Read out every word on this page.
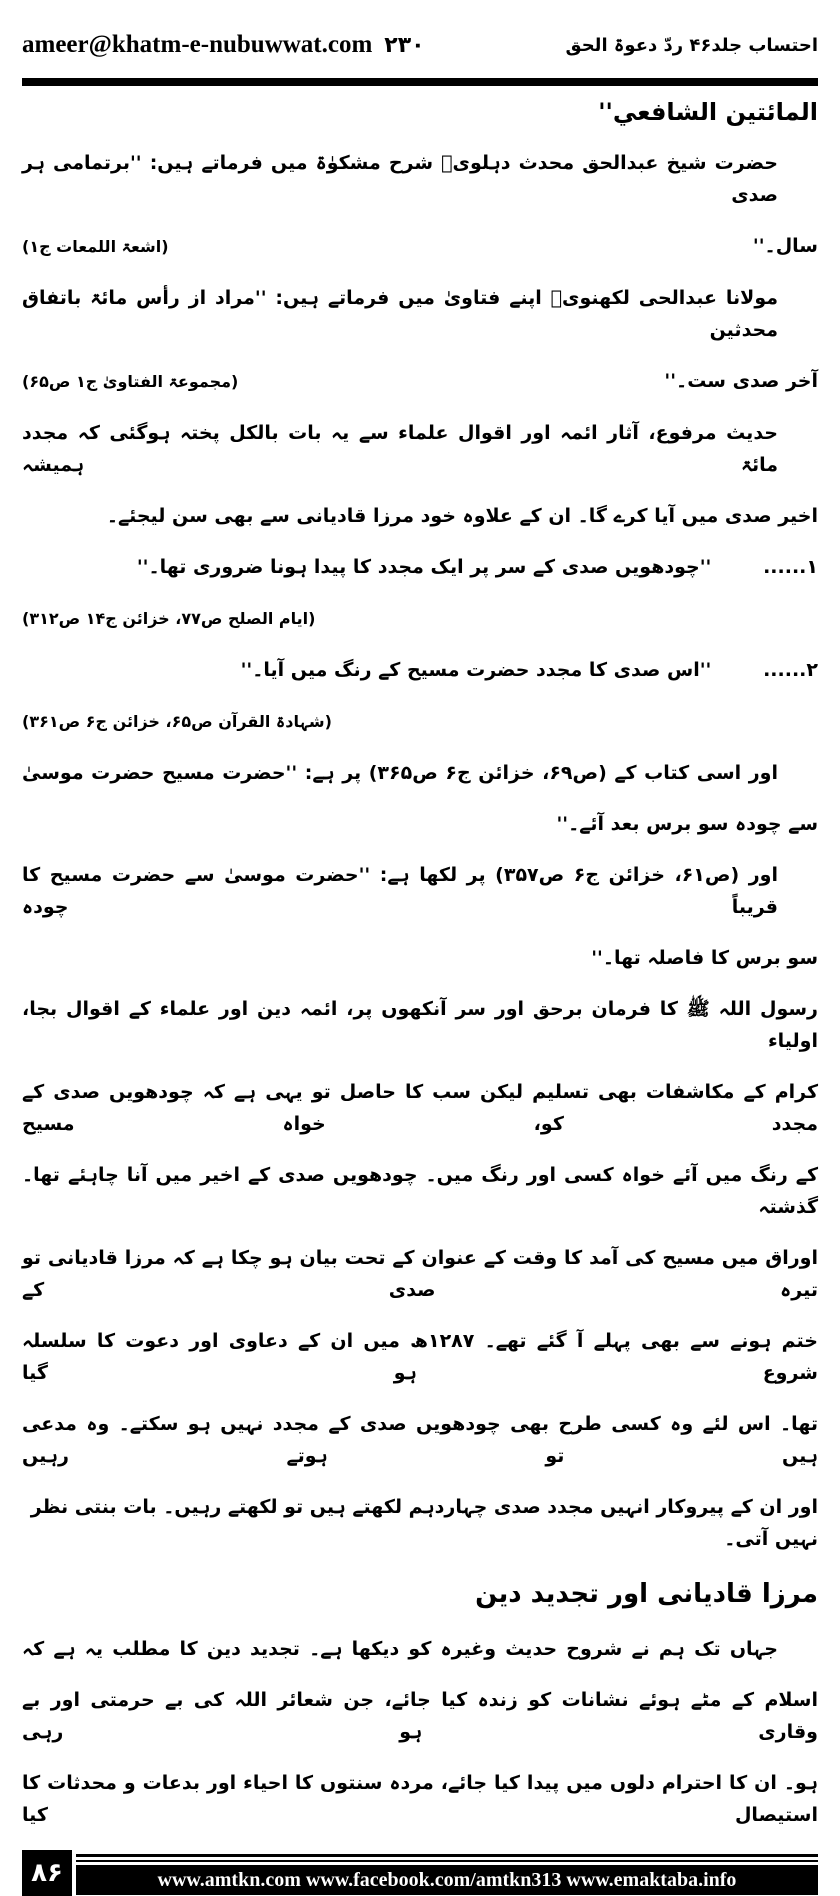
ameer@khatm-e-nubuwwat.com ۲۳۰	احتساب جلد۴۶ ردّ دعوۃ الحق
المائتين الشافعي''
حضرت شیخ عبدالحق محدث دہلویؒ شرح مشکوٰۃ میں فرماتے ہیں: ''برتمامی ہر صدی
سال۔''
(اشعۃ اللمعات ج۱)
مولانا عبدالحی لکھنویؒ اپنے فتاویٰ میں فرماتے ہیں: ''مراد از رأس مائۃ باتفاق محدثین
آخر صدی ست۔''
(مجموعۃ الفتاویٰ ج۱ ص۶۵)
حدیث مرفوع، آثار ائمہ اور اقوال علماء سے یہ بات بالکل پختہ ہوگئی کہ مجدد مائۃ ہمیشہ
اخیر صدی میں آیا کرے گا۔ ان کے علاوہ خود مرزا قادیانی سے بھی سن لیجئے۔
۱...... ''چودھویں صدی کے سر پر ایک مجدد کا پیدا ہونا ضروری تھا۔''
(ایام الصلح ص۷۷، خزائن ج۱۴ ص۳۱۲)
۲...... ''اس صدی کا مجدد حضرت مسیح کے رنگ میں آیا۔''
(شہادۃ القرآن ص۶۵، خزائن ج۶ ص۳۶۱)
اور اسی کتاب کے (ص۶۹، خزائن ج۶ ص۳۶۵) پر ہے: ''حضرت مسیح حضرت موسیٰ
سے چودہ سو برس بعد آئے۔''
اور (ص۶۱، خزائن ج۶ ص۳۵۷) پر لکھا ہے: ''حضرت موسیٰ سے حضرت مسیح کا قریباً چودہ
سو برس کا فاصلہ تھا۔''
رسول اللہ ﷺ کا فرمان برحق اور سر آنکھوں پر، ائمہ دین اور علماء کے اقوال بجا، اولیاء
کرام کے مکاشفات بھی تسلیم لیکن سب کا حاصل تو یہی ہے کہ چودھویں صدی کے مجدد کو، خواہ مسیح
کے رنگ میں آئے خواہ کسی اور رنگ میں۔ چودھویں صدی کے اخیر میں آنا چاہئے تھا۔ گذشتہ
اوراق میں مسیح کی آمد کا وقت کے عنوان کے تحت بیان ہو چکا ہے کہ مرزا قادیانی تو تیرہ صدی کے
ختم ہونے سے بھی پہلے آ گئے تھے۔ ۱۲۸۷ھ میں ان کے دعاوی اور دعوت کا سلسلہ شروع ہو گیا
تھا۔ اس لئے وہ کسی طرح بھی چودھویں صدی کے مجدد نہیں ہو سکتے۔ وہ مدعی ہیں تو ہوتے رہیں
اور ان کے پیروکار انہیں مجدد صدی چہاردہم لکھتے ہیں تو لکھتے رہیں۔ بات بنتی نظر نہیں آتی۔
مرزا قادیانی اور تجدید دین
جہاں تک ہم نے شروح حدیث وغیرہ کو دیکھا ہے۔ تجدید دین کا مطلب یہ ہے کہ
اسلام کے مٹے ہوئے نشانات کو زندہ کیا جائے، جن شعائر اللہ کی بے حرمتی اور بے وقاری ہو رہی
ہو۔ ان کا احترام دلوں میں پیدا کیا جائے، مردہ سنتوں کا احیاء اور بدعات و محدثات کا استیصال کیا
۸۶	www.amtkn.com www.facebook.com/amtkn313 www.emaktaba.info
